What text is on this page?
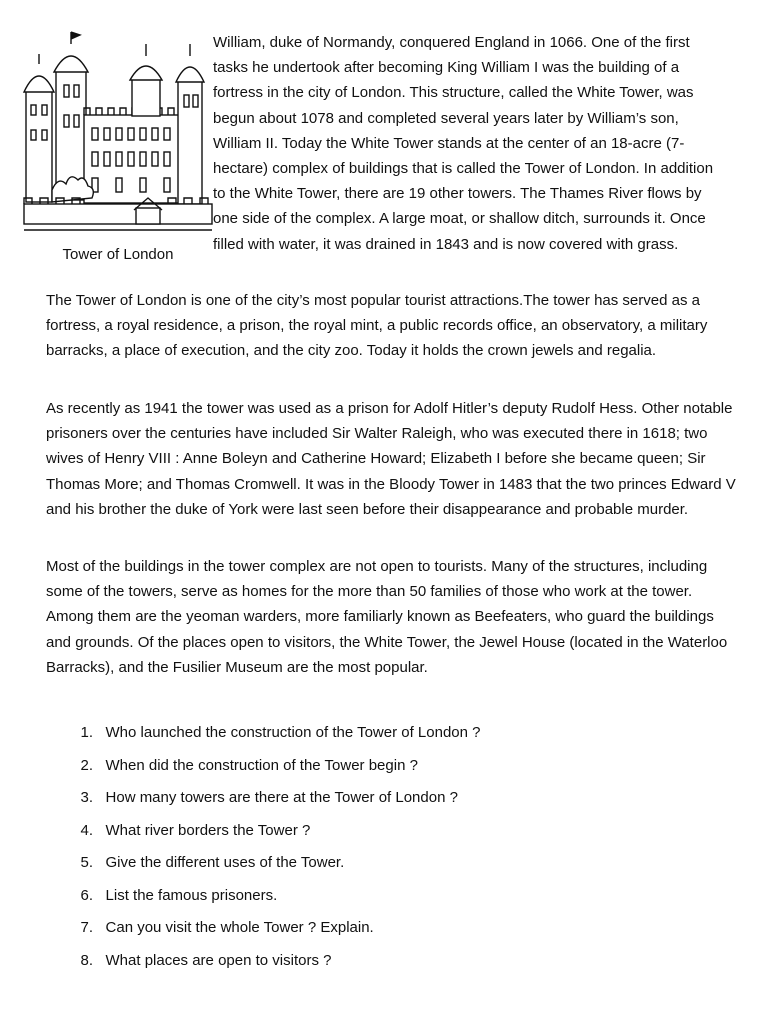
Tower of London

William, duke of Normandy, conquered England in 1066. One of the first tasks he undertook after becoming King William I was the building of a fortress in the city of London. This structure, called the White Tower, was begun about 1078 and completed several years later by William’s son, William II. Today the White Tower stands at the center of an 18-acre (7-hectare) complex of buildings that is called the Tower of London. In addition to the White Tower, there are 19 other towers. The Thames River flows by one side of the complex. A large moat, or shallow ditch, surrounds it. Once filled with water, it was drained in 1843 and is now covered with grass.

The Tower of London is one of the city’s most popular tourist attractions.The tower has served as a fortress, a royal residence, a prison, the royal mint, a public records office, an observatory, a military barracks, a place of execution, and the city zoo. Today it holds the crown jewels and regalia.

As recently as 1941 the tower was used as a prison for Adolf Hitler’s deputy Rudolf Hess. Other notable prisoners over the centuries have included Sir Walter Raleigh, who was executed there in 1618; two wives of Henry VIII : Anne Boleyn and Catherine Howard; Elizabeth I before she became queen; Sir Thomas More; and Thomas Cromwell. It was in the Bloody Tower in 1483 that the two princes Edward V and his brother the duke of York were last seen before their disappearance and probable murder.

Most of the buildings in the tower complex are not open to tourists. Many of the structures, including some of the towers, serve as homes for the more than 50 families of those who work at the tower. Among them are the yeoman warders, more familiarly known as Beefeaters, who guard the buildings and grounds. Of the places open to visitors, the White Tower, the Jewel House (located in the Waterloo Barracks), and the Fusilier Museum are the most popular.

1. Who launched the construction of the Tower of London ?
2. When did the construction of the Tower begin ?
3. How many towers are there at the Tower of London ?
4. What river borders the Tower ?
5. Give the different uses of the Tower.
6. List the famous prisoners.
7. Can you visit the whole Tower ? Explain.
8. What places are open to visitors ?
